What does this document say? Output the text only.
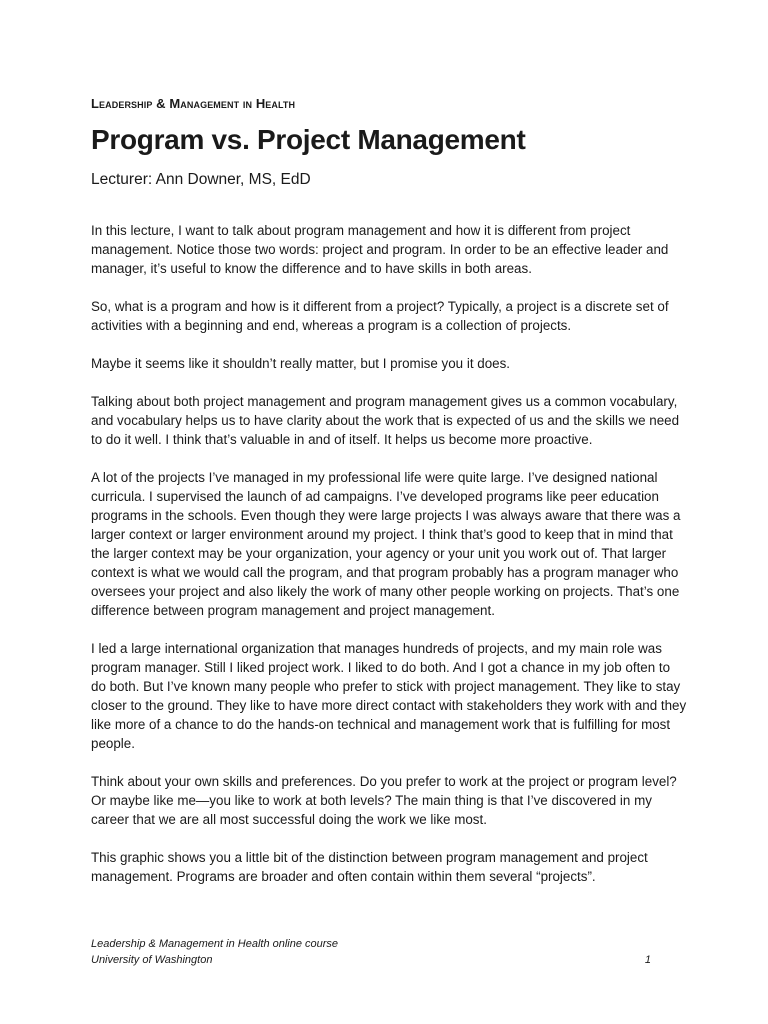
Leadership & Management in Health
Program vs. Project Management
Lecturer: Ann Downer, MS, EdD

In this lecture, I want to talk about program management and how it is different from project management. Notice those two words: project and program. In order to be an effective leader and manager, it’s useful to know the difference and to have skills in both areas.

So, what is a program and how is it different from a project? Typically, a project is a discrete set of activities with a beginning and end, whereas a program is a collection of projects.

Maybe it seems like it shouldn’t really matter, but I promise you it does.

Talking about both project management and program management gives us a common vocabulary, and vocabulary helps us to have clarity about the work that is expected of us and the skills we need to do it well. I think that’s valuable in and of itself. It helps us become more proactive.

A lot of the projects I’ve managed in my professional life were quite large. I’ve designed national curricula. I supervised the launch of ad campaigns. I’ve developed programs like peer education programs in the schools. Even though they were large projects I was always aware that there was a larger context or larger environment around my project. I think that’s good to keep that in mind that the larger context may be your organization, your agency or your unit you work out of. That larger context is what we would call the program, and that program probably has a program manager who oversees your project and also likely the work of many other people working on projects. That’s one difference between program management and project management.

I led a large international organization that manages hundreds of projects, and my main role was program manager. Still I liked project work. I liked to do both. And I got a chance in my job often to do both. But I’ve known many people who prefer to stick with project management. They like to stay closer to the ground. They like to have more direct contact with stakeholders they work with and they like more of a chance to do the hands-on technical and management work that is fulfilling for most people.

Think about your own skills and preferences. Do you prefer to work at the project or program level? Or maybe like me—you like to work at both levels? The main thing is that I’ve discovered in my career that we are all most successful doing the work we like most.

This graphic shows you a little bit of the distinction between program management and project management. Programs are broader and often contain within them several “projects”.

Leadership & Management in Health online course
University of Washington	1
